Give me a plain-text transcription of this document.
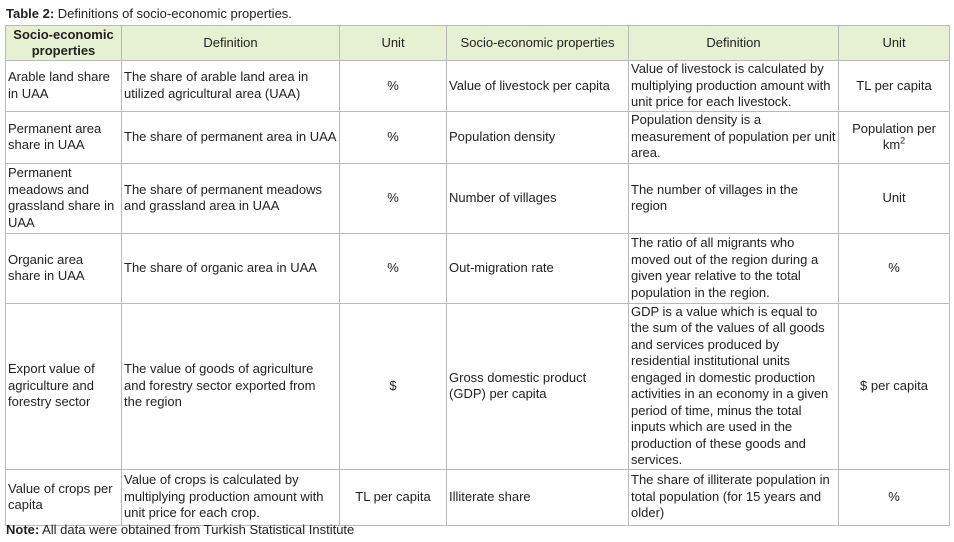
Table 2: Definitions of socio-economic properties.
Socio-economic properties	Definition	Unit	Socio-economic properties	Definition	Unit
Arable land share in UAA	The share of arable land area in utilized agricultural area (UAA)	%	Value of livestock per capita	Value of livestock is calculated by multiplying production amount with unit price for each livestock.	TL per capita
Permanent area share in UAA	The share of permanent area in UAA	%	Population density	Population density is a measurement of population per unit area.	Population per $km^2$
Permanent meadows and grassland share in UAA	The share of permanent meadows and grassland area in UAA	%	Number of villages	The number of villages in the region	Unit
Organic area share in UAA	The share of organic area in UAA	%	Out-migration rate	The ratio of all migrants who moved out of the region during a given year relative to the total population in the region.	%
Export value of agriculture and forestry sector	The value of goods of agriculture and forestry sector exported from the region	$	Gross domestic product (GDP) per capita	GDP is a value which is equal to the sum of the values of all goods and services produced by residential institutional units engaged in domestic production activities in an economy in a given period of time, minus the total inputs which are used in the production of these goods and services.	$ per capita
Value of crops per capita	Value of crops is calculated by multiplying production amount with unit price for each crop.	TL per capita	Illiterate share	The share of illiterate population in total population (for 15 years and older)	%
Note: All data were obtained from Turkish Statistical Institute
